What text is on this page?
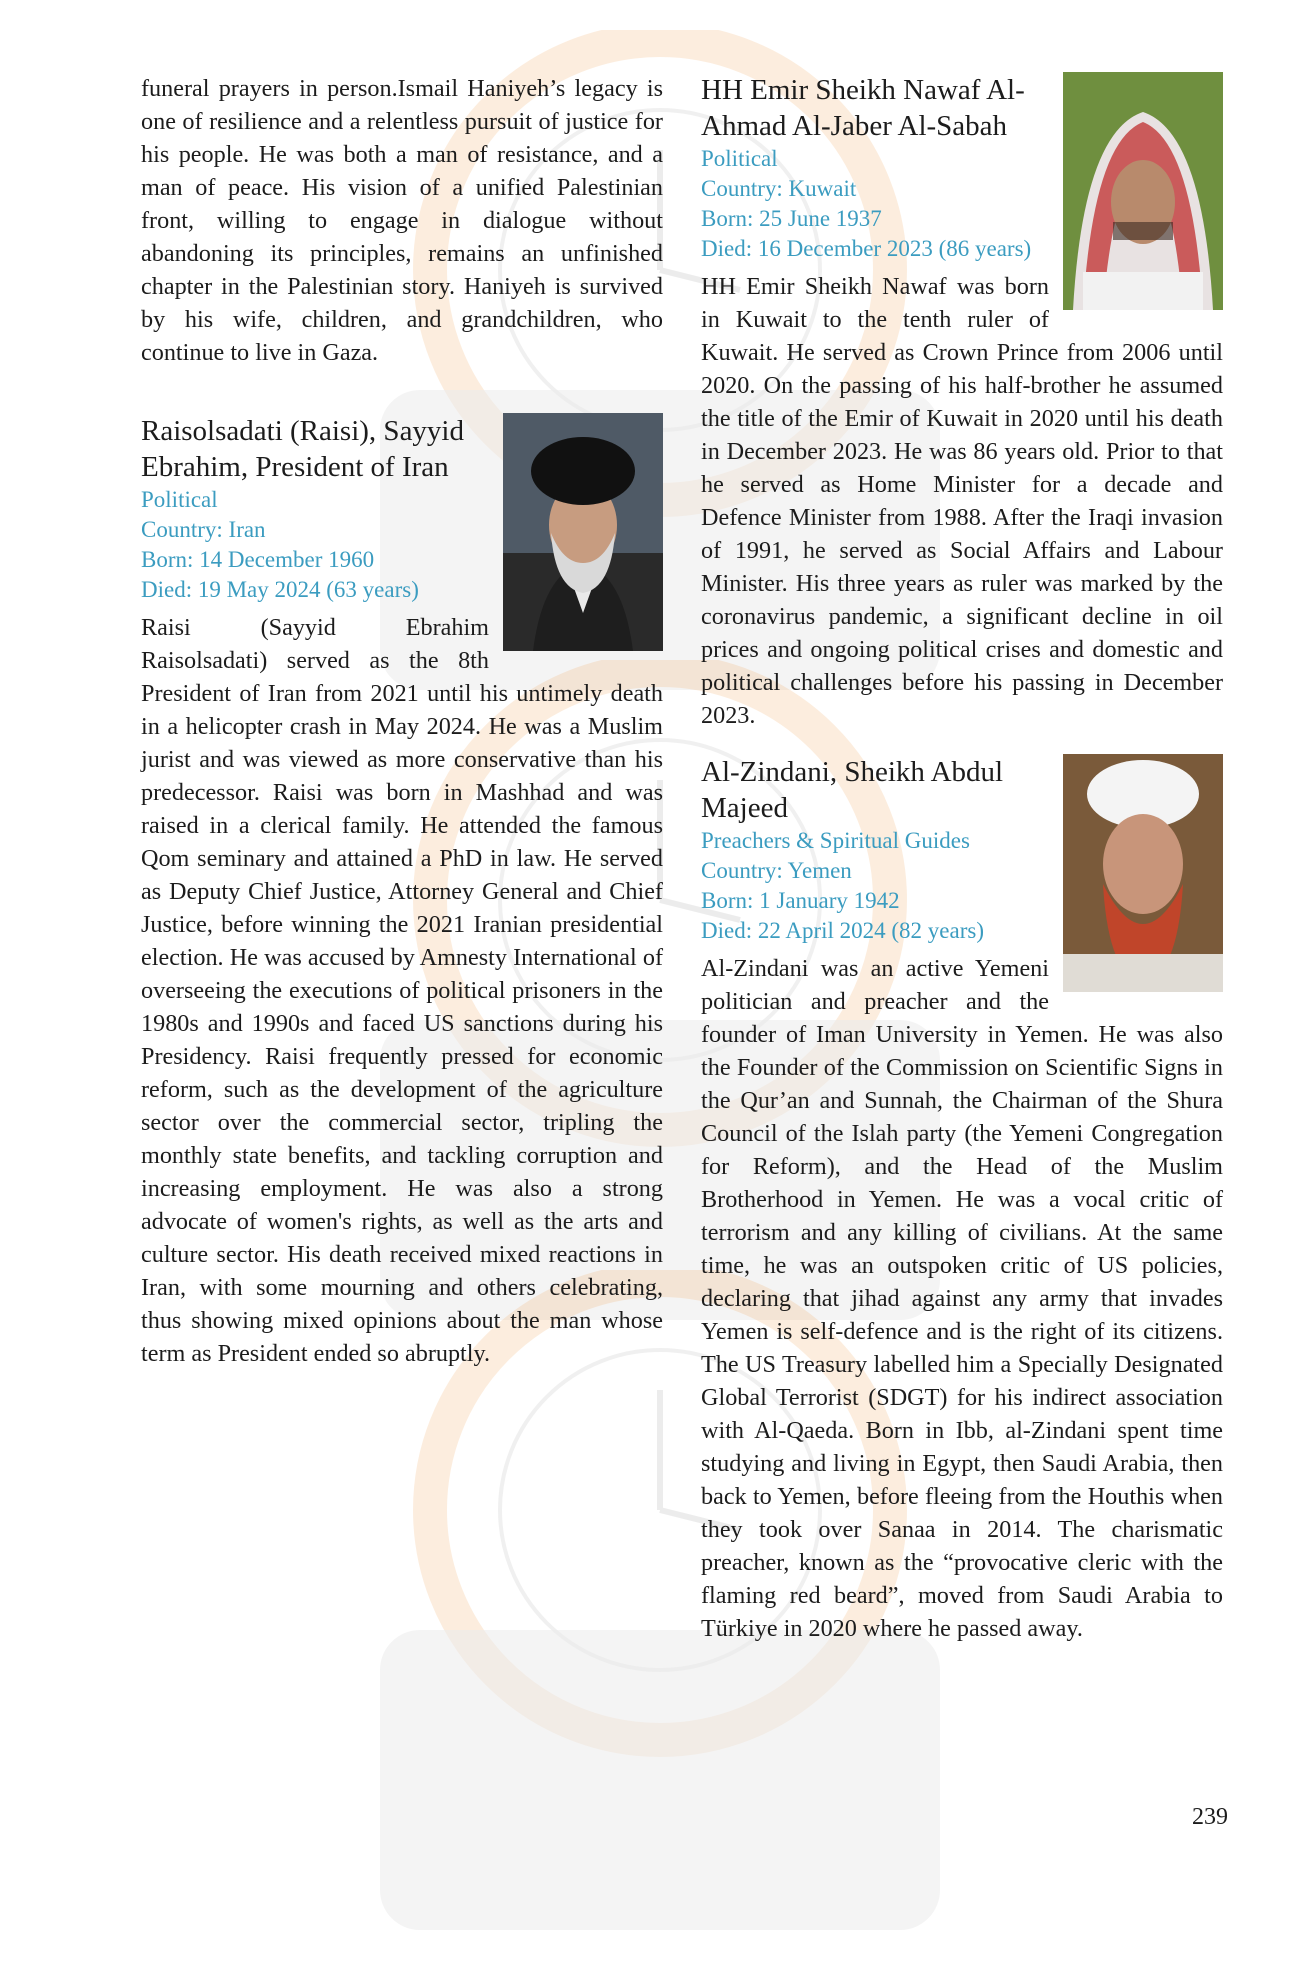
funeral prayers in person.Ismail Haniyeh’s legacy is one of resilience and a relentless pursuit of justice for his people. He was both a man of resistance, and a man of peace. His vision of a unified Palestinian front, willing to engage in dialogue without abandoning its principles, remains an unfinished chapter in the Palestinian story. Haniyeh is survived by his wife, children, and grandchildren, who continue to live in Gaza.

Raisolsadati (Raisi), Sayyid Ebrahim, President of Iran
Political
Country: Iran
Born: 14 December 1960
Died: 19 May 2024 (63 years)

Raisi (Sayyid Ebrahim Raisolsadati) served as the 8th President of Iran from 2021 until his untimely death in a helicopter crash in May 2024. He was a Muslim jurist and was viewed as more conservative than his predecessor. Raisi was born in Mashhad and was raised in a clerical family. He attended the famous Qom seminary and attained a PhD in law. He served as Deputy Chief Justice, Attorney General and Chief Justice, before winning the 2021 Iranian presidential election. He was accused by Amnesty International of overseeing the executions of political prisoners in the 1980s and 1990s and faced US sanctions during his Presidency. Raisi frequently pressed for economic reform, such as the development of the agriculture sector over the commercial sector, tripling the monthly state benefits, and tackling corruption and increasing employment. He was also a strong advocate of women's rights, as well as the arts and culture sector. His death received mixed reactions in Iran, with some mourning and others celebrating, thus showing mixed opinions about the man whose term as President ended so abruptly.

HH Emir Sheikh Nawaf Al-Ahmad Al-Jaber Al-Sabah
Political
Country: Kuwait
Born: 25 June 1937
Died: 16 December 2023 (86 years)

HH Emir Sheikh Nawaf was born in Kuwait to the tenth ruler of Kuwait. He served as Crown Prince from 2006 until 2020. On the passing of his half-brother he assumed the title of the Emir of Kuwait in 2020 until his death in December 2023. He was 86 years old. Prior to that he served as Home Minister for a decade and Defence Minister from 1988. After the Iraqi invasion of 1991, he served as Social Affairs and Labour Minister. His three years as ruler was marked by the coronavirus pandemic, a significant decline in oil prices and ongoing political crises and domestic and political challenges before his passing in December 2023.

Al-Zindani, Sheikh Abdul Majeed
Preachers & Spiritual Guides
Country: Yemen
Born: 1 January 1942
Died: 22 April 2024 (82 years)

Al-Zindani was an active Yemeni politician and preacher and the founder of Iman University in Yemen. He was also the Founder of the Commission on Scientific Signs in the Qur’an and Sunnah, the Chairman of the Shura Council of the Islah party (the Yemeni Congregation for Reform), and the Head of the Muslim Brotherhood in Yemen. He was a vocal critic of terrorism and any killing of civilians. At the same time, he was an outspoken critic of US policies, declaring that jihad against any army that invades Yemen is self-defence and is the right of its citizens. The US Treasury labelled him a Specially Designated Global Terrorist (SDGT) for his indirect association with Al-Qaeda. Born in Ibb, al-Zindani spent time studying and living in Egypt, then Saudi Arabia, then back to Yemen, before fleeing from the Houthis when they took over Sanaa in 2014. The charismatic preacher, known as the “provocative cleric with the flaming red beard”, moved from Saudi Arabia to Türkiye in 2020 where he passed away.

239
